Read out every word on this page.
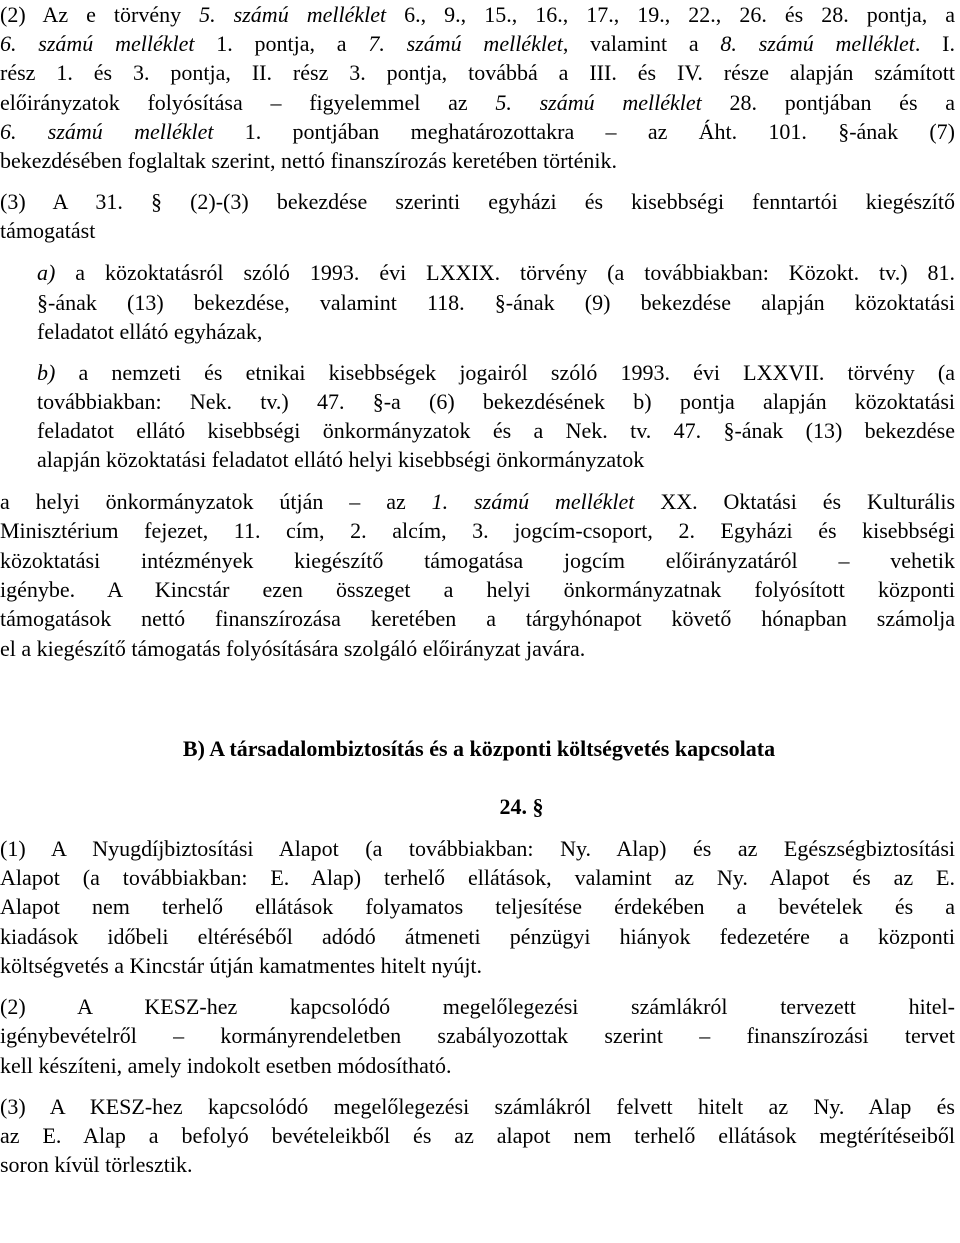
(2) Az e törvény 5. számú melléklet 6., 9., 15., 16., 17., 19., 22., 26. és 28. pontja, a
6. számú melléklet 1. pontja, a 7. számú melléklet, valamint a 8. számú melléklet. I.
rész 1. és 3. pontja, II. rész 3. pontja, továbbá a III. és IV. része alapján számított
előirányzatok folyósítása – figyelemmel az 5. számú melléklet 28. pontjában és a
6. számú melléklet 1. pontjában meghatározottakra – az Áht. 101. §-ának (7)
bekezdésében foglaltak szerint, nettó finanszírozás keretében történik.
(3) A 31. § (2)-(3) bekezdése szerinti egyházi és kisebbségi fenntartói kiegészítő
támogatást
a) a közoktatásról szóló 1993. évi LXXIX. törvény (a továbbiakban: Közokt. tv.) 81.
§-ának (13) bekezdése, valamint 118. §-ának (9) bekezdése alapján közoktatási
feladatot ellátó egyházak,
b) a nemzeti és etnikai kisebbségek jogairól szóló 1993. évi LXXVII. törvény (a
továbbiakban: Nek. tv.) 47. §-a (6) bekezdésének b) pontja alapján közoktatási
feladatot ellátó kisebbségi önkormányzatok és a Nek. tv. 47. §-ának (13) bekezdése
alapján közoktatási feladatot ellátó helyi kisebbségi önkormányzatok
a helyi önkormányzatok útján – az 1. számú melléklet XX. Oktatási és Kulturális
Minisztérium fejezet, 11. cím, 2. alcím, 3. jogcím-csoport, 2. Egyházi és kisebbségi
közoktatási intézmények kiegészítő támogatása jogcím előirányzatáról – vehetik
igénybe. A Kincstár ezen összeget a helyi önkormányzatnak folyósított központi
támogatások nettó finanszírozása keretében a tárgyhónapot követő hónapban számolja
el a kiegészítő támogatás folyósítására szolgáló előirányzat javára.
B) A társadalombiztosítás és a központi költségvetés kapcsolata
24. §
(1) A Nyugdíjbiztosítási Alapot (a továbbiakban: Ny. Alap) és az Egészségbiztosítási
Alapot (a továbbiakban: E. Alap) terhelő ellátások, valamint az Ny. Alapot és az E.
Alapot nem terhelő ellátások folyamatos teljesítése érdekében a bevételek és a
kiadások időbeli eltéréséből adódó átmeneti pénzügyi hiányok fedezetére a központi
költségvetés a Kincstár útján kamatmentes hitelt nyújt.
(2) A KESZ-hez kapcsolódó megelőlegezési számlákról tervezett hitel-
igénybevételről – kormányrendeletben szabályozottak szerint – finanszírozási tervet
kell készíteni, amely indokolt esetben módosítható.
(3) A KESZ-hez kapcsolódó megelőlegezési számlákról felvett hitelt az Ny. Alap és
az E. Alap a befolyó bevételeikből és az alapot nem terhelő ellátások megtérítéseiből
soron kívül törlesztik.
